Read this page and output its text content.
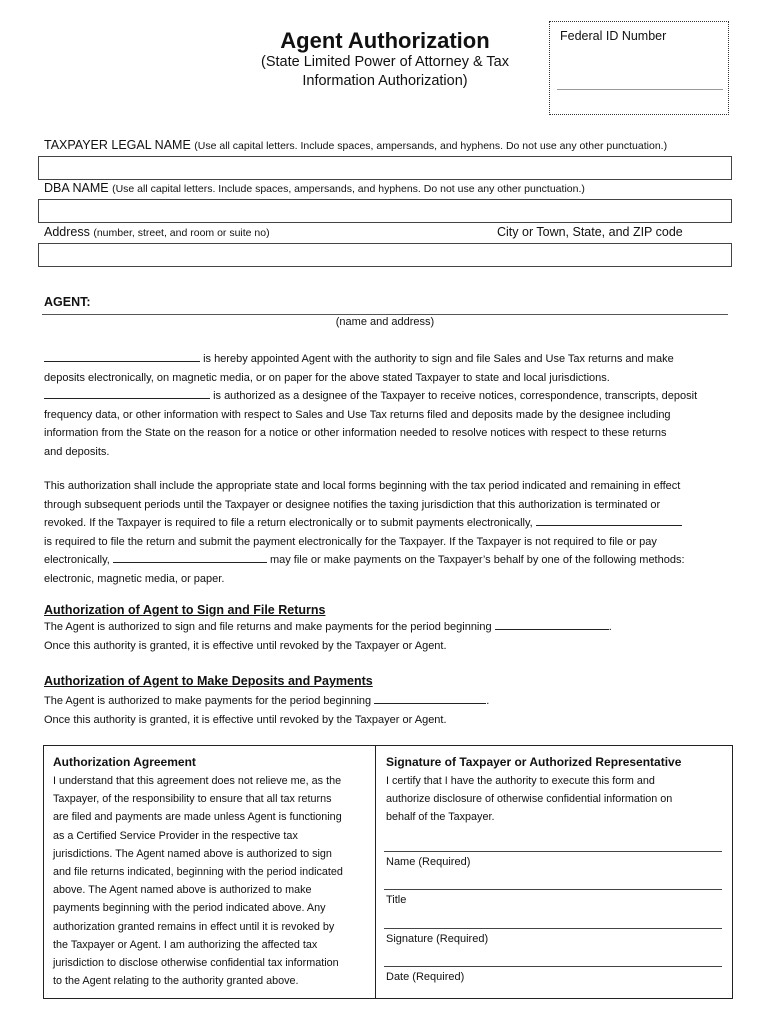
Agent Authorization
(State Limited Power of Attorney & Tax
Information Authorization)
Federal ID Number
TAXPAYER LEGAL NAME (Use all capital letters. Include spaces, ampersands, and hyphens. Do not use any other punctuation.)
DBA NAME (Use all capital letters. Include spaces, ampersands, and hyphens. Do not use any other punctuation.)
Address (number, street, and room or suite no)	City or Town, State, and ZIP code
AGENT:
(name and address)
is hereby appointed Agent with the authority to sign and file Sales and Use Tax returns and make
deposits electronically, on magnetic media, or on paper for the above stated Taxpayer to state and local jurisdictions.
is authorized as a designee of the Taxpayer to receive notices, correspondence, transcripts, deposit
frequency data, or other information with respect to Sales and Use Tax returns filed and deposits made by the designee including
information from the State on the reason for a notice or other information needed to resolve notices with respect to these returns
and deposits.
This authorization shall include the appropriate state and local forms beginning with the tax period indicated and remaining in effect
through subsequent periods until the Taxpayer or designee notifies the taxing jurisdiction that this authorization is terminated or
revoked. If the Taxpayer is required to file a return electronically or to submit payments electronically,
is required to file the return and submit the payment electronically for the Taxpayer. If the Taxpayer is not required to file or pay
electronically,	may file or make payments on the Taxpayer’s behalf by one of the following methods:
electronic, magnetic media, or paper.
Authorization of Agent to Sign and File Returns
The Agent is authorized to sign and file returns and make payments for the period beginning	.
Once this authority is granted, it is effective until revoked by the Taxpayer or Agent.
Authorization of Agent to Make Deposits and Payments
The Agent is authorized to make payments for the period beginning	.
Once this authority is granted, it is effective until revoked by the Taxpayer or Agent.
Authorization Agreement
I understand that this agreement does not relieve me, as the
Taxpayer, of the responsibility to ensure that all tax returns
are filed and payments are made unless Agent is functioning
as a Certified Service Provider in the respective tax
jurisdictions. The Agent named above is authorized to sign
and file returns indicated, beginning with the period indicated
above. The Agent named above is authorized to make
payments beginning with the period indicated above. Any
authorization granted remains in effect until it is revoked by
the Taxpayer or Agent. I am authorizing the affected tax
jurisdiction to disclose otherwise confidential tax information
to the Agent relating to the authority granted above.
Signature of Taxpayer or Authorized Representative
I certify that I have the authority to execute this form and
authorize disclosure of otherwise confidential information on
behalf of the Taxpayer.
Name (Required)
Title
Signature (Required)
Date (Required)
